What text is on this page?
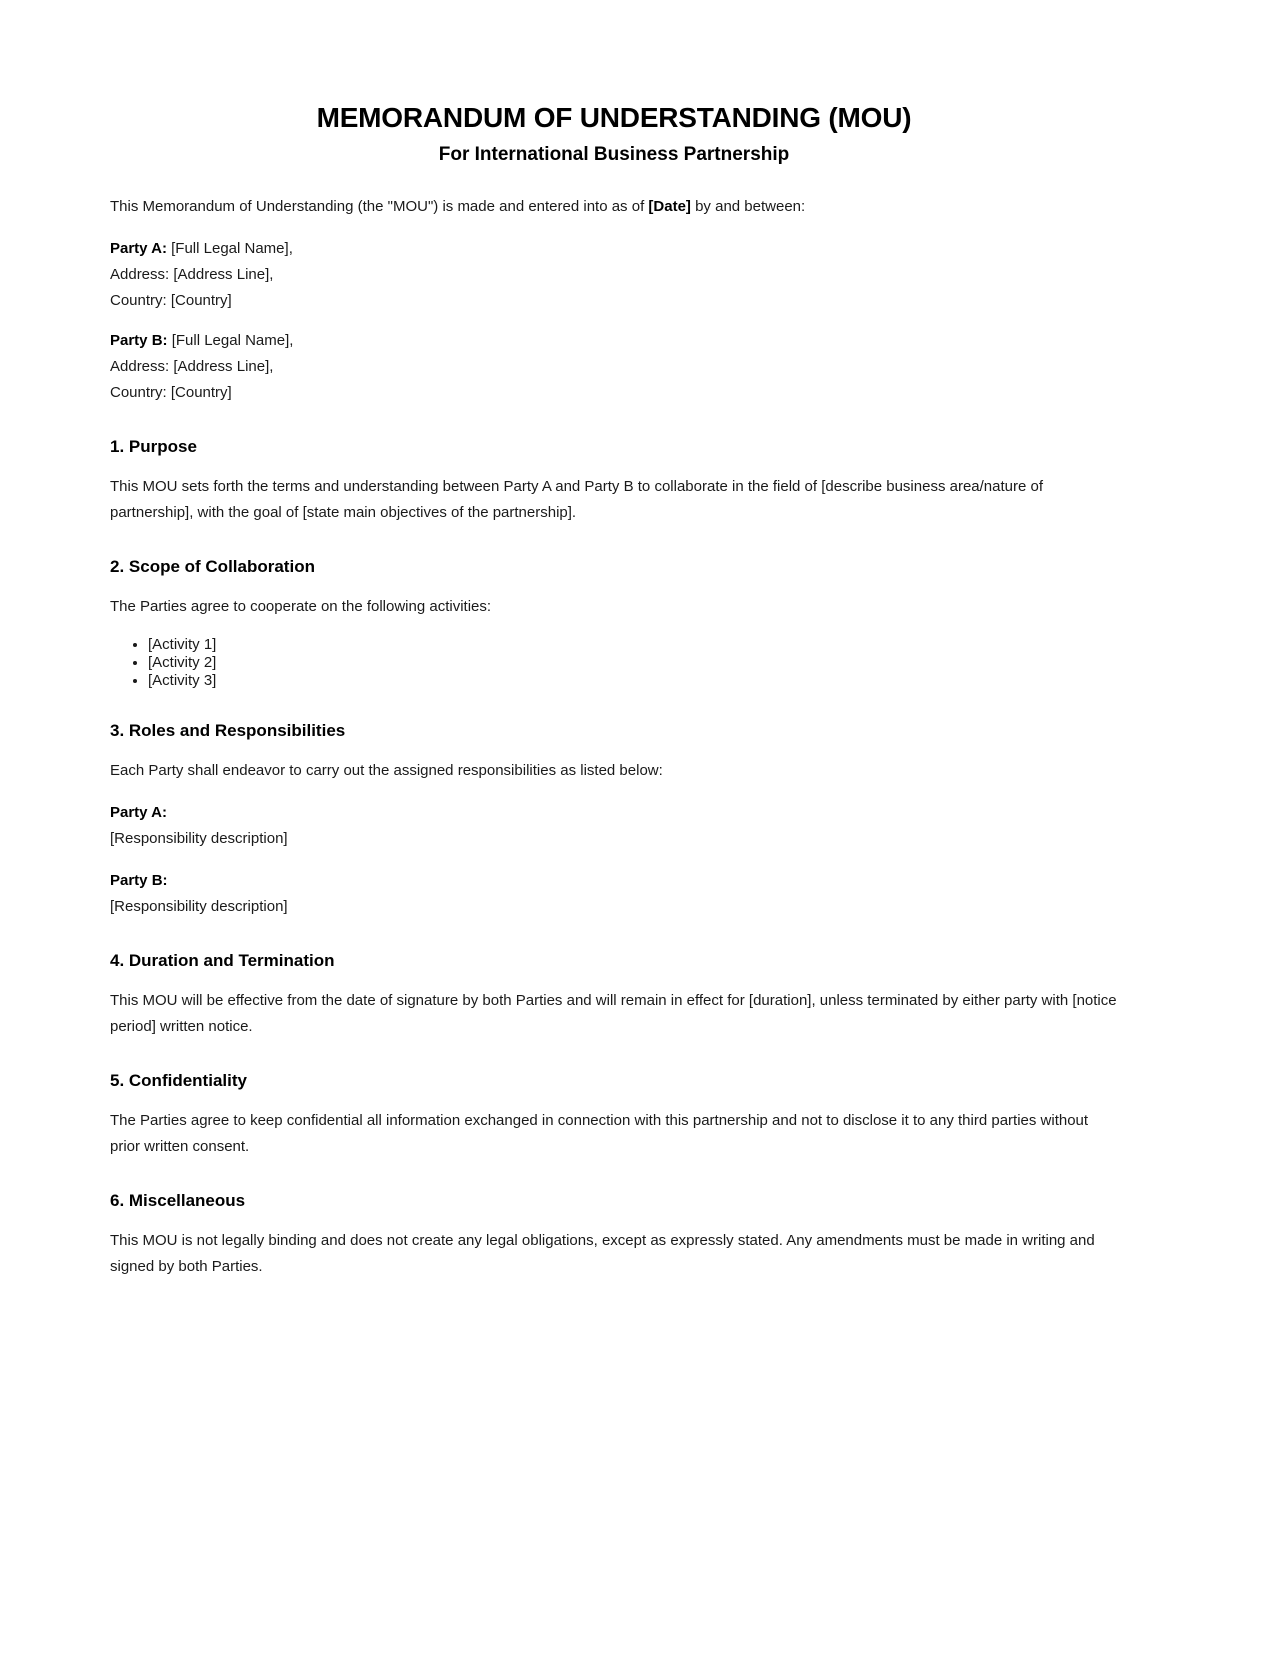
MEMORANDUM OF UNDERSTANDING (MOU)
For International Business Partnership

This Memorandum of Understanding (the "MOU") is made and entered into as of [Date] by and between:

Party A: [Full Legal Name],
Address: [Address Line],
Country: [Country]
Party B: [Full Legal Name],
Address: [Address Line],
Country: [Country]
1. Purpose

This MOU sets forth the terms and understanding between Party A and Party B to collaborate in the field of [describe business area/nature of partnership], with the goal of [state main objectives of the partnership].

2. Scope of Collaboration

The Parties agree to cooperate on the following activities:

• [Activity 1]
• [Activity 2]
• [Activity 3]
3. Roles and Responsibilities

Each Party shall endeavor to carry out the assigned responsibilities as listed below:

Party A:
[Responsibility description]
Party B:
[Responsibility description]
4. Duration and Termination

This MOU will be effective from the date of signature by both Parties and will remain in effect for [duration], unless terminated by either party with [notice period] written notice.

5. Confidentiality

The Parties agree to keep confidential all information exchanged in connection with this partnership and not to disclose it to any third parties without prior written consent.

6. Miscellaneous

This MOU is not legally binding and does not create any legal obligations, except as expressly stated. Any amendments must be made in writing and signed by both Parties.
